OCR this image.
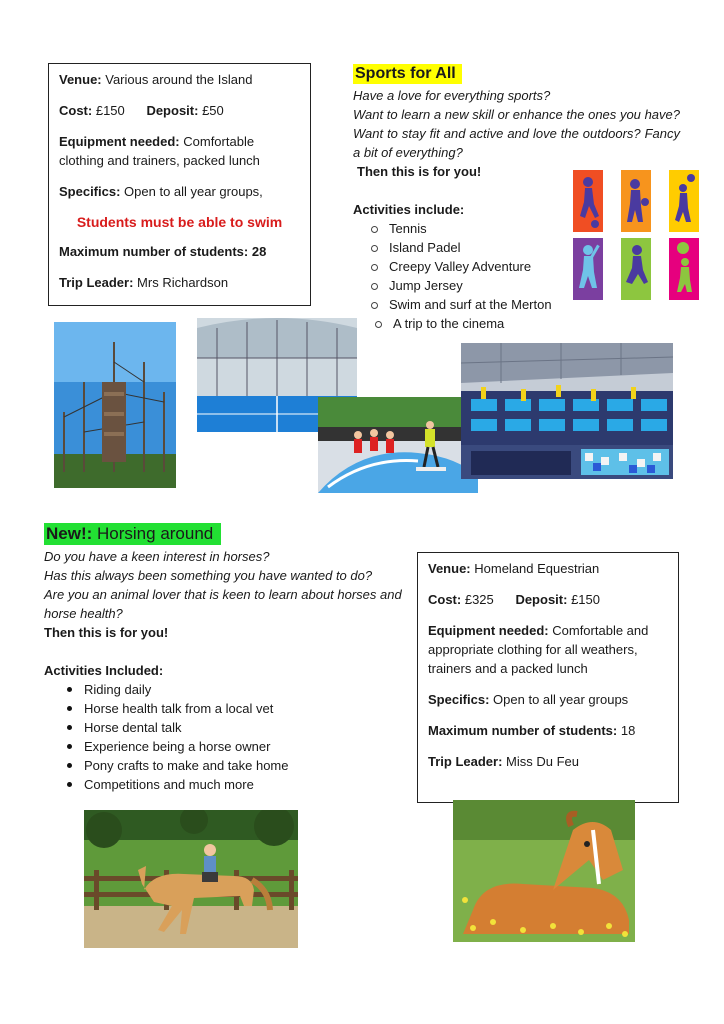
Venue: Various around the Island

Cost: £150 Deposit: £50

Equipment needed: Comfortable clothing and trainers, packed lunch

Specifics: Open to all year groups,

Students must be able to swim

Maximum number of students: 28

Trip Leader: Mrs Richardson

Sports for All

Have a love for everything sports?

Want to learn a new skill or enhance the ones you have? Want to stay fit and active and love the outdoors? Fancy a bit of everything?

Then this is for you!

Activities include:

Tennis
Island Padel
Creepy Valley Adventure
Jump Jersey
Swim and surf at the Merton
A trip to the cinema
New!: Horsing around

Do you have a keen interest in horses?

Has this always been something you have wanted to do?

Are you an animal lover that is keen to learn about horses and horse health?

Then this is for you!

Activities Included:

Riding daily
Horse health talk from a local vet
Horse dental talk
Experience being a horse owner
Pony crafts to make and take home
Competitions and much more

Venue: Homeland Equestrian

Cost: £325 Deposit: £150

Equipment needed: Comfortable and appropriate clothing for all weathers, trainers and a packed lunch

Specifics: Open to all year groups

Maximum number of students: 18

Trip Leader: Miss Du Feu
